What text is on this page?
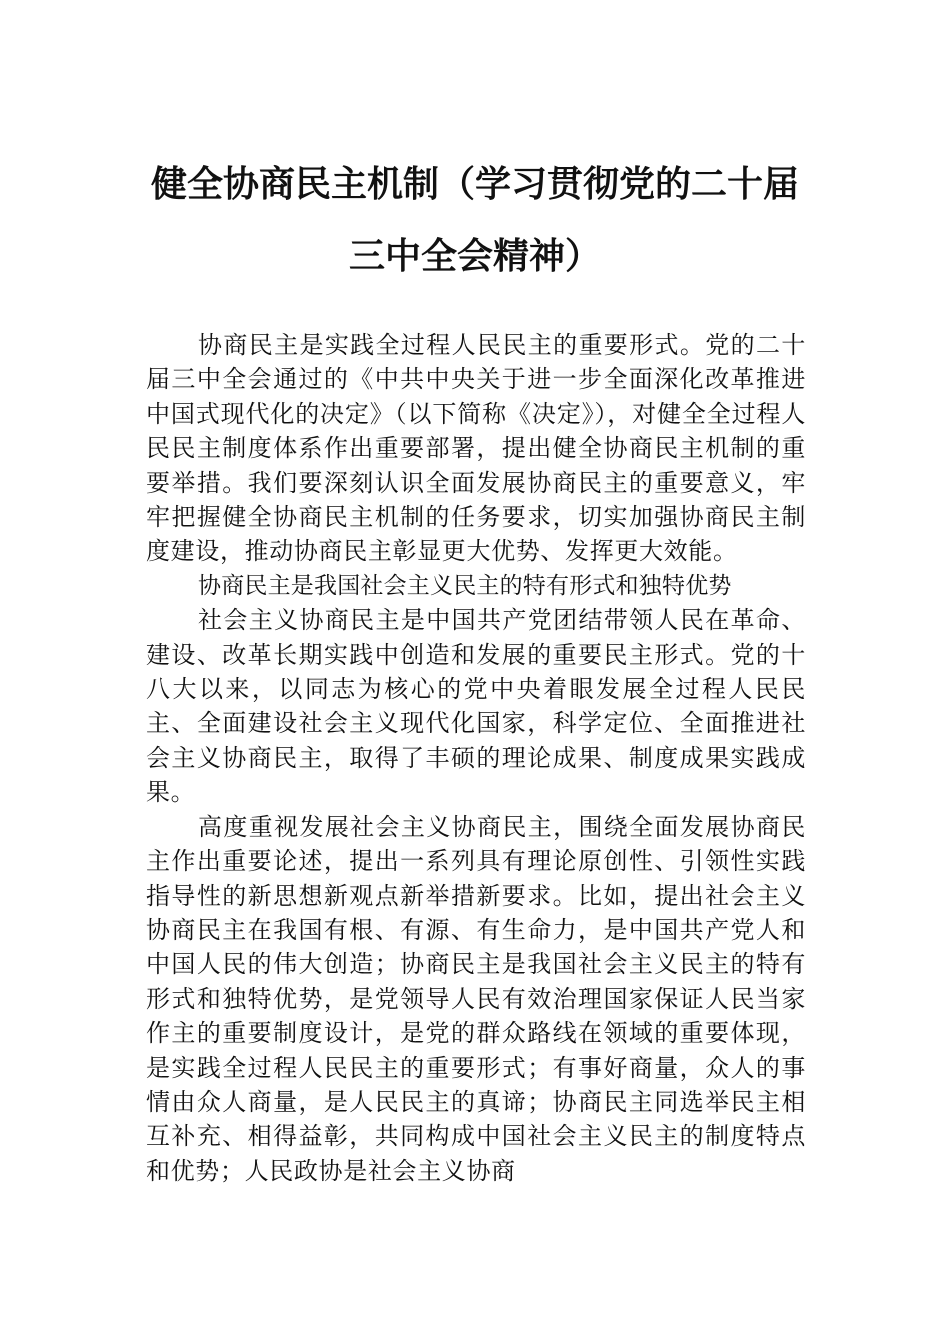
健全协商民主机制（学习贯彻党的二十届
三中全会精神）

协商民主是实践全过程人民民主的重要形式。党的二十届三中全会通过的《中共中央关于进一步全面深化改革推进中国式现代化的决定》（以下简称《决定》），对健全全过程人民民主制度体系作出重要部署，提出健全协商民主机制的重要举措。我们要深刻认识全面发展协商民主的重要意义，牢牢把握健全协商民主机制的任务要求，切实加强协商民主制度建设，推动协商民主彰显更大优势、发挥更大效能。

协商民主是我国社会主义民主的特有形式和独特优势

社会主义协商民主是中国共产党团结带领人民在革命、建设、改革长期实践中创造和发展的重要民主形式。党的十八大以来，以同志为核心的党中央着眼发展全过程人民民主、全面建设社会主义现代化国家，科学定位、全面推进社会主义协商民主，取得了丰硕的理论成果、制度成果实践成果。

高度重视发展社会主义协商民主，围绕全面发展协商民主作出重要论述，提出一系列具有理论原创性、引领性实践指导性的新思想新观点新举措新要求。比如，提出社会主义协商民主在我国有根、有源、有生命力，是中国共产党人和中国人民的伟大创造；协商民主是我国社会主义民主的特有形式和独特优势，是党领导人民有效治理国家保证人民当家作主的重要制度设计，是党的群众路线在领域的重要体现，是实践全过程人民民主的重要形式；有事好商量，众人的事情由众人商量，是人民民主的真谛；协商民主同选举民主相互补充、相得益彰，共同构成中国社会主义民主的制度特点和优势；人民政协是社会主义协商
